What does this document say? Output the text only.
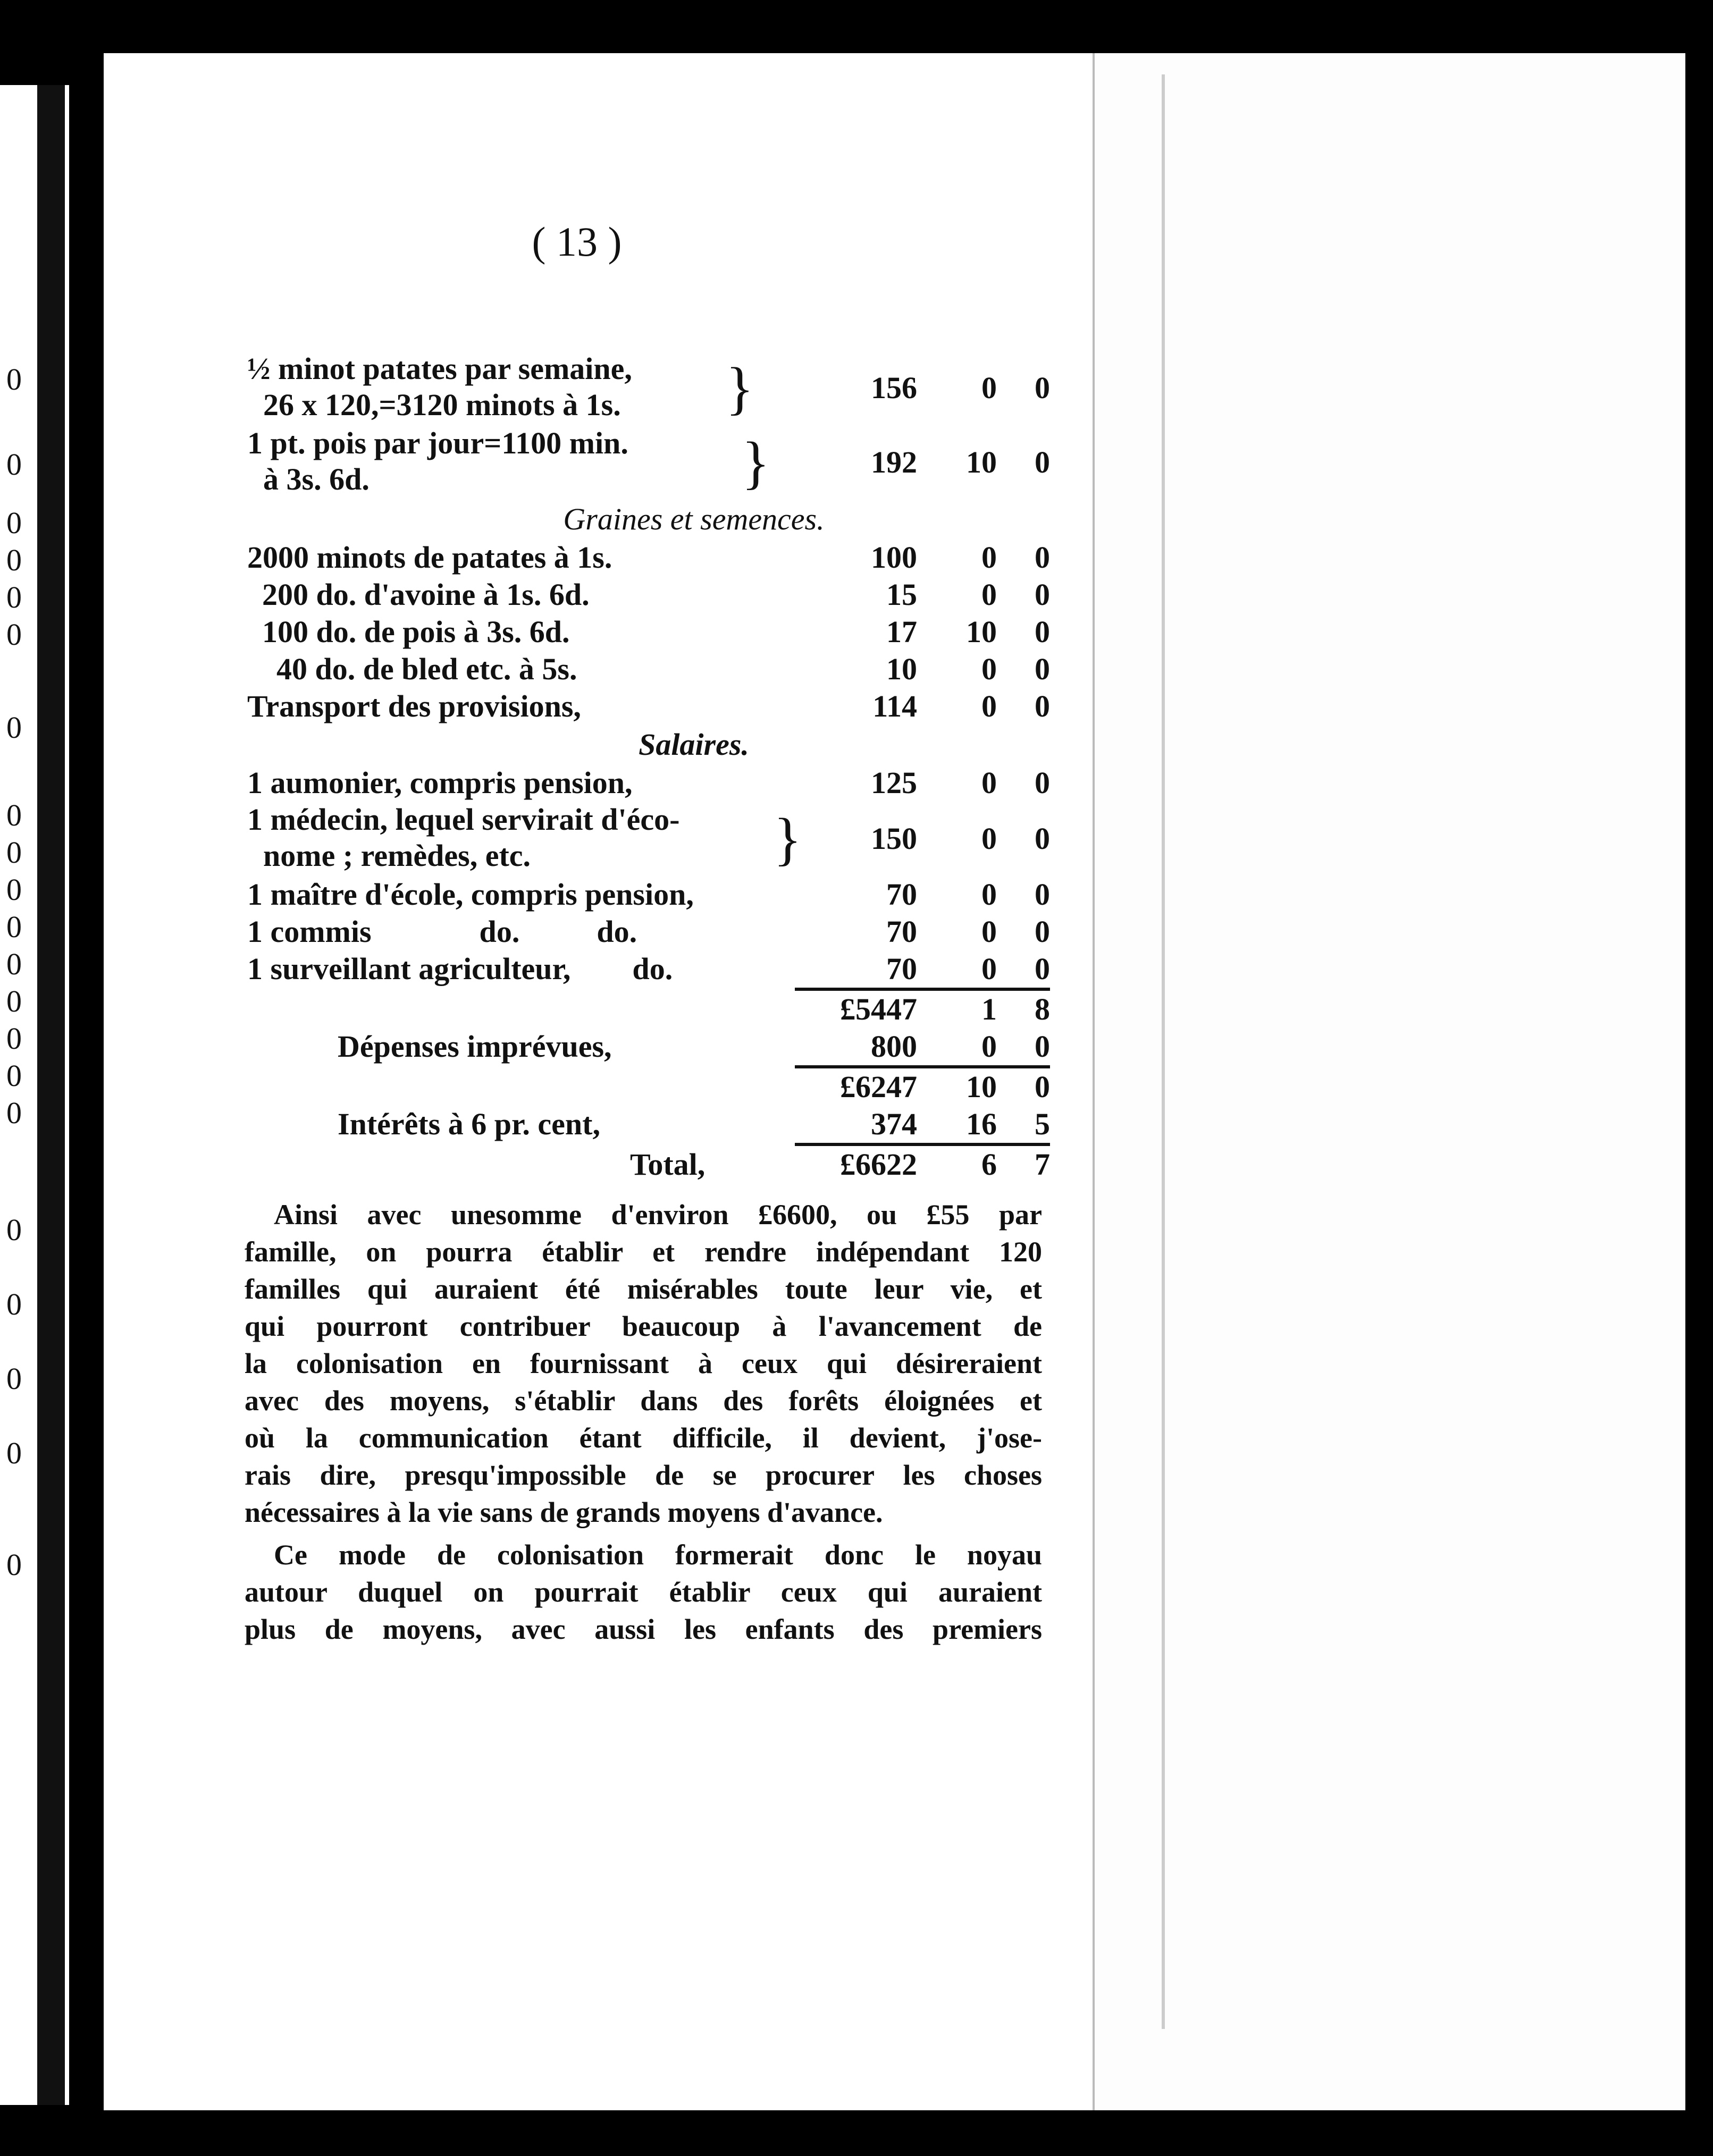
0
0
0
0
0
0
0
0
0
0
0
0
0
0
0
0
0
0
0
0
0
( 13 )
½ minot patates par semaine,
26 x 120,=3120 minots à 1s. }	156	0	0
1 pt. pois par jour=1100 min.
à 3s. 6d.	}	192	10	0
Graines et semences.
2000 minots de patates à 1s.	100	0	0
200 do. d'avoine à 1s. 6d.	15	0	0
100 do. de pois à 3s. 6d.	17	10	0
40 do. de bled etc. à 5s.	10	0	0
Transport des provisions,	114	0	0
Salaires.
1 aumonier, compris pension,	125	0	0
1 médecin, lequel servirait d'éco-
nome ; remèdes, etc.	}	150	0	0
1 maître d'école, compris pension,	70	0	0
1 commis              do.          do.	70	0	0
1 surveillant agriculteur,        do.	70	0	0
£5447	1	8
Dépenses imprévues,	800	0	0
£6247	10	0
Intérêts à 6 pr. cent,	374	16	5
Total,	£6622	6	7
Ainsi avec unesomme d'environ £6600, ou £55 par
famille, on pourra établir et rendre indépendant 120
familles qui auraient été misérables toute leur vie, et
qui pourront contribuer beaucoup à l'avancement de
la colonisation en fournissant à ceux qui désireraient
avec des moyens, s'établir dans des forêts éloignées et
où la communication étant difficile, il devient, j'ose-
rais dire, presqu'impossible de se procurer les choses
nécessaires à la vie sans de grands moyens d'avance.
Ce mode de colonisation formerait donc le noyau
autour duquel on pourrait établir ceux qui auraient
plus de moyens, avec aussi les enfants des premiers
